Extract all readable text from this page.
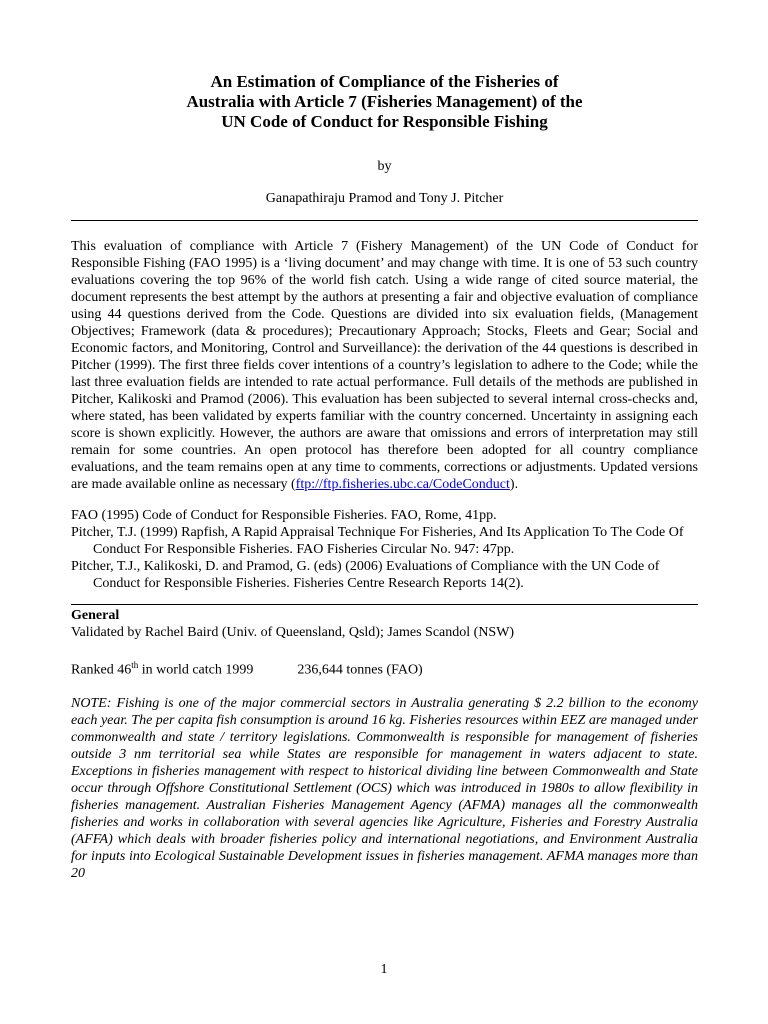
An Estimation of Compliance of the Fisheries of
Australia with Article 7 (Fisheries Management) of the
UN Code of Conduct for Responsible Fishing

by
Ganapathiraju Pramod and Tony J. Pitcher

This evaluation of compliance with Article 7 (Fishery Management) of the UN Code of Conduct for Responsible Fishing (FAO 1995) is a ‘living document’ and may change with time. It is one of 53 such country evaluations covering the top 96% of the world fish catch. Using a wide range of cited source material, the document represents the best attempt by the authors at presenting a fair and objective evaluation of compliance using 44 questions derived from the Code. Questions are divided into six evaluation fields, (Management Objectives; Framework (data & procedures); Precautionary Approach; Stocks, Fleets and Gear; Social and Economic factors, and Monitoring, Control and Surveillance): the derivation of the 44 questions is described in Pitcher (1999). The first three fields cover intentions of a country’s legislation to adhere to the Code; while the last three evaluation fields are intended to rate actual performance. Full details of the methods are published in Pitcher, Kalikoski and Pramod (2006). This evaluation has been subjected to several internal cross-checks and, where stated, has been validated by experts familiar with the country concerned. Uncertainty in assigning each score is shown explicitly. However, the authors are aware that omissions and errors of interpretation may still remain for some countries. An open protocol has therefore been adopted for all country compliance evaluations, and the team remains open at any time to comments, corrections or adjustments. Updated versions are made available online as necessary (ftp://ftp.fisheries.ubc.ca/CodeConduct).

FAO (1995) Code of Conduct for Responsible Fisheries. FAO, Rome, 41pp.

Pitcher, T.J. (1999) Rapfish, A Rapid Appraisal Technique For Fisheries, And Its Application To The Code Of Conduct For Responsible Fisheries. FAO Fisheries Circular No. 947: 47pp.

Pitcher, T.J., Kalikoski, D. and Pramod, G. (eds) (2006) Evaluations of Compliance with the UN Code of Conduct for Responsible Fisheries. Fisheries Centre Research Reports 14(2).

General
Validated by Rachel Baird (Univ. of Queensland, Qsld); James Scandol (NSW)
Ranked 46th in world catch 1999	236,644 tonnes (FAO)

NOTE: Fishing is one of the major commercial sectors in Australia generating $ 2.2 billion to the economy each year. The per capita fish consumption is around 16 kg. Fisheries resources within EEZ are managed under commonwealth and state / territory legislations. Commonwealth is responsible for management of fisheries outside 3 nm territorial sea while States are responsible for management in waters adjacent to state. Exceptions in fisheries management with respect to historical dividing line between Commonwealth and State occur through Offshore Constitutional Settlement (OCS) which was introduced in 1980s to allow flexibility in fisheries management. Australian Fisheries Management Agency (AFMA) manages all the commonwealth fisheries and works in collaboration with several agencies like Agriculture, Fisheries and Forestry Australia (AFFA) which deals with broader fisheries policy and international negotiations, and Environment Australia for inputs into Ecological Sustainable Development issues in fisheries management. AFMA manages more than 20

1
